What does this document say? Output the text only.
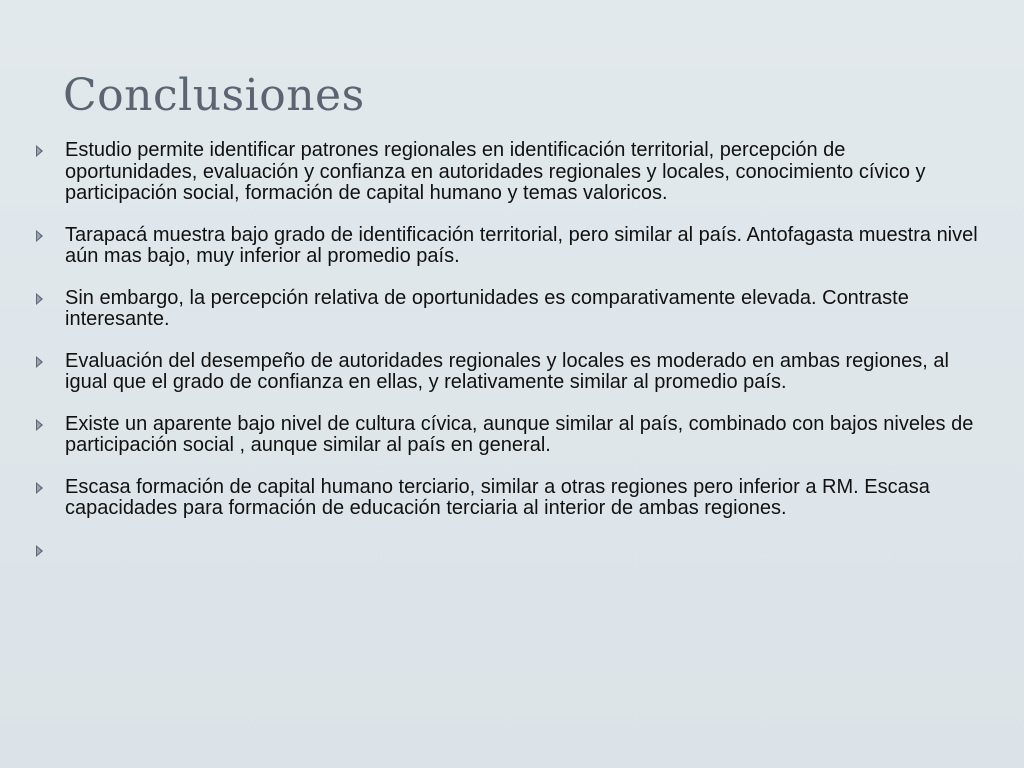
Conclusiones
Estudio permite identificar patrones regionales en identificación territorial, percepción de oportunidades, evaluación y confianza en autoridades regionales y locales, conocimiento cívico y participación social, formación de capital humano y temas valoricos.
Tarapacá muestra bajo grado de identificación territorial, pero similar al país. Antofagasta muestra nivel aún mas bajo, muy inferior al promedio país.
Sin embargo, la percepción relativa de oportunidades es comparativamente elevada. Contraste interesante.
Evaluación del desempeño de autoridades regionales y locales es moderado en ambas regiones, al igual que el grado de confianza en ellas, y relativamente similar al promedio país.
Existe un aparente bajo nivel de cultura cívica, aunque similar al país, combinado con bajos niveles de participación social , aunque similar al país en general.
Escasa formación de capital humano terciario, similar a otras regiones pero inferior a RM. Escasa capacidades para formación de educación terciaria al interior de ambas regiones.
